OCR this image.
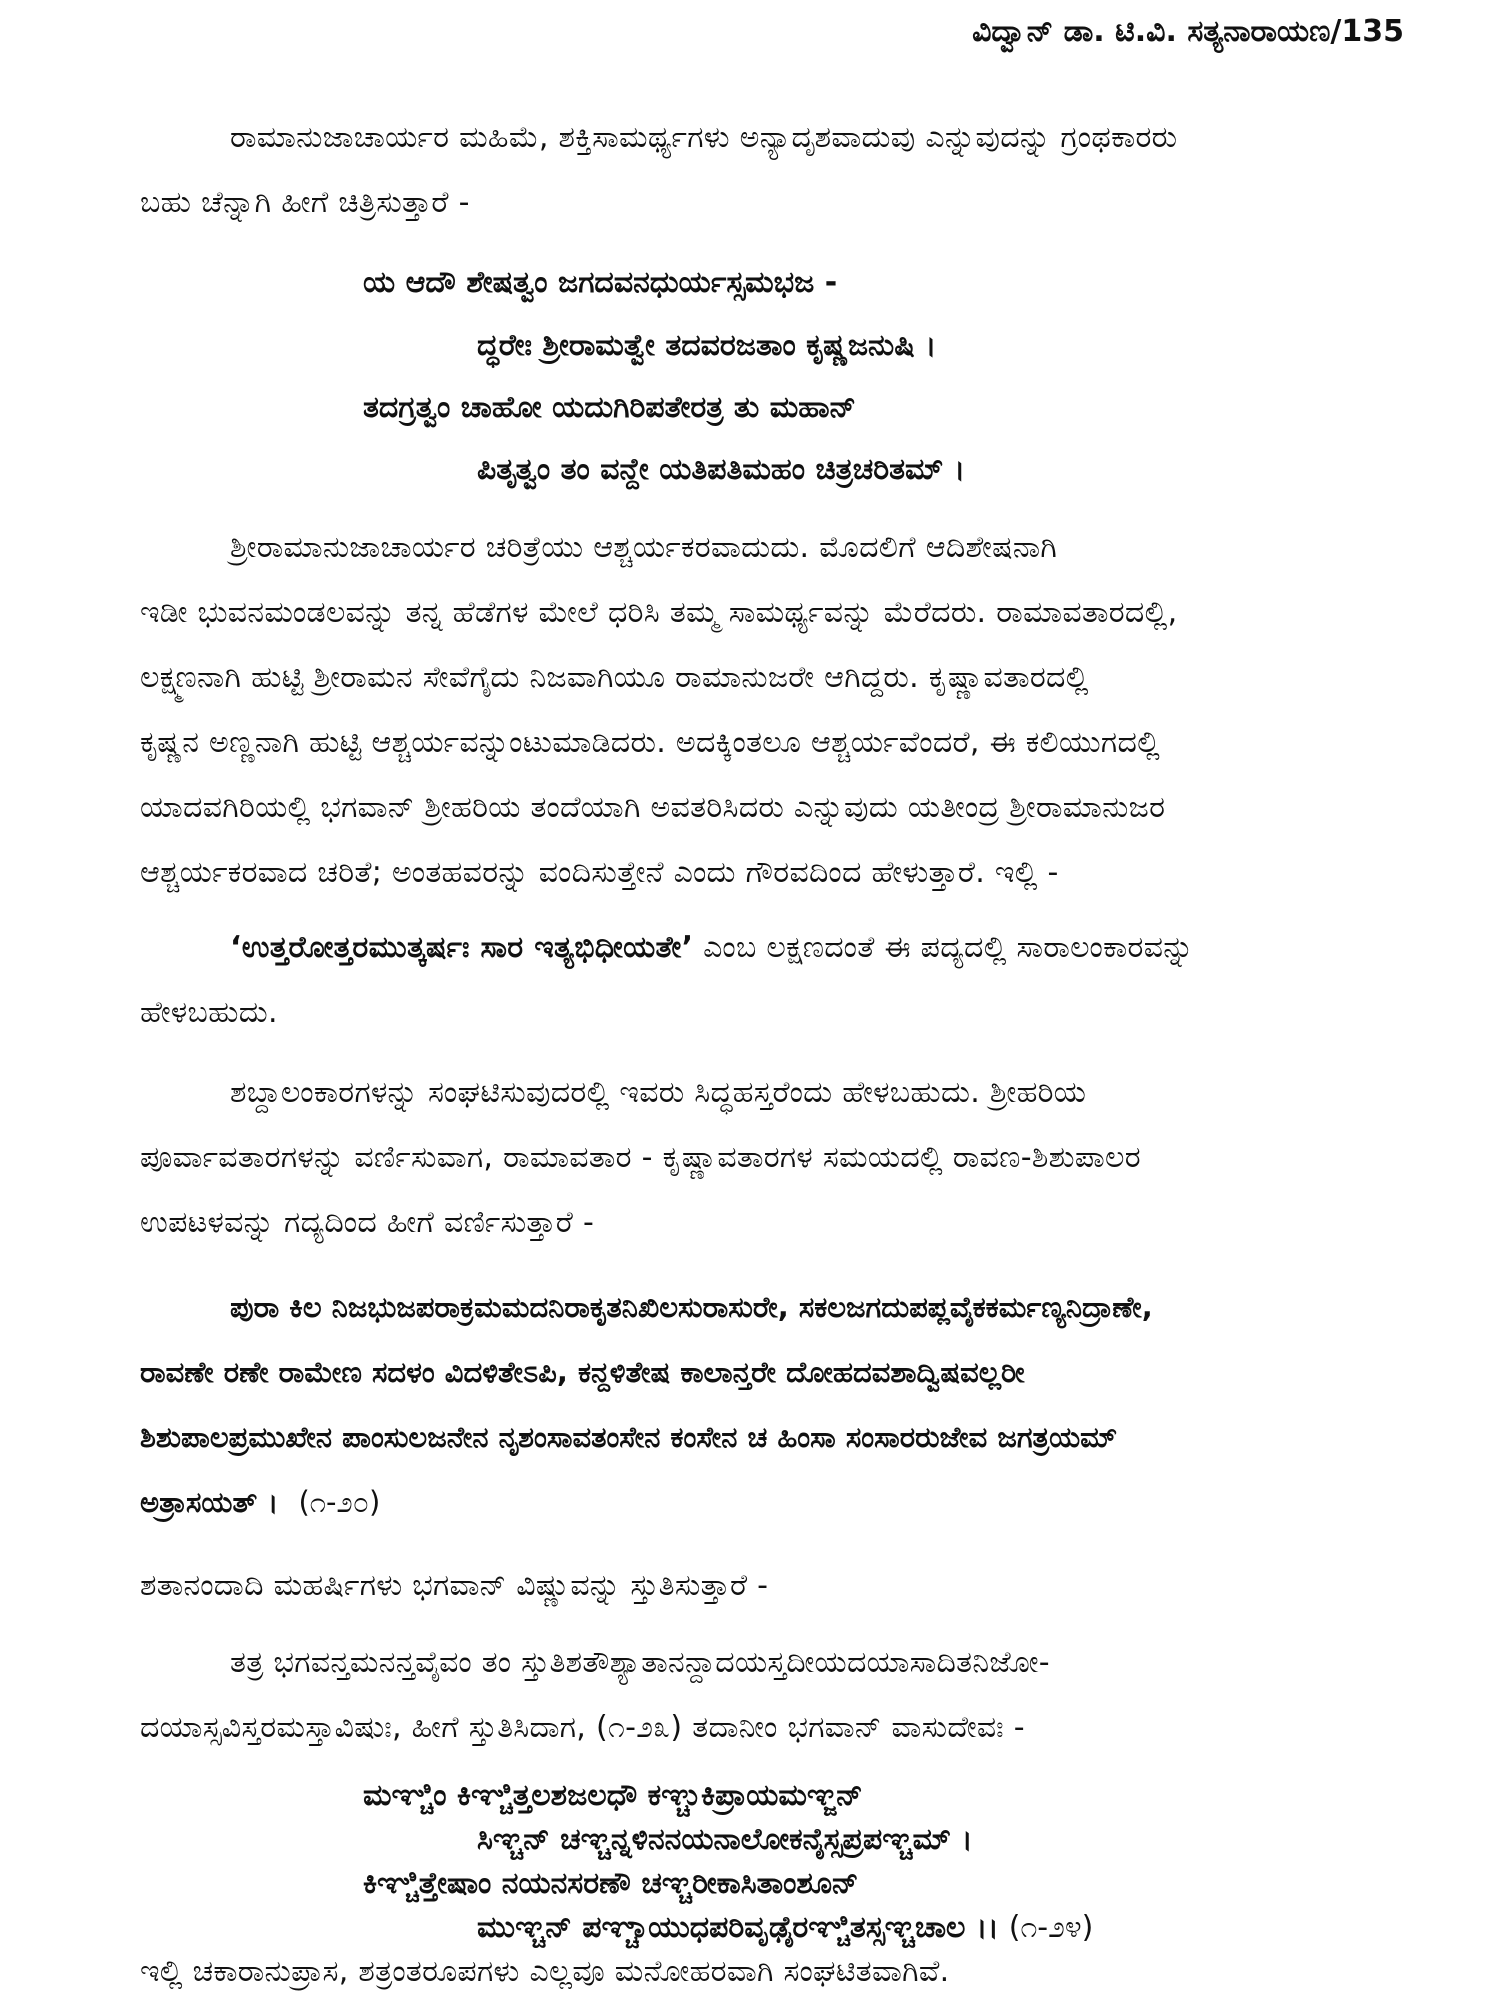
ವಿದ್ವಾನ್ ಡಾ. ಟಿ.ವಿ. ಸತ್ಯನಾರಾಯಣ/135
ರಾಮಾನುಜಾಚಾರ್ಯರ ಮಹಿಮೆ, ಶಕ್ತಿಸಾಮರ್ಥ್ಯಗಳು ಅನ್ಯಾದೃಶವಾದುವು ಎನ್ನುವುದನ್ನು ಗ್ರಂಥಕಾರರು
ಬಹು ಚೆನ್ನಾಗಿ ಹೀಗೆ ಚಿತ್ರಿಸುತ್ತಾರೆ -
ಯ ಆದೌ ಶೇಷತ್ವಂ ಜಗದವನಧುರ್ಯಸ್ಸಮಭಜ -
ದ್ಧರೇಃ ಶ್ರೀರಾಮತ್ವೇ ತದವರಜತಾಂ ಕೃಷ್ಣಜನುಷಿ ।
ತದಗ್ರತ್ವಂ ಚಾಹೋ ಯದುಗಿರಿಪತೇರತ್ರ ತು ಮಹಾನ್
ಪಿತೃತ್ವಂ ತಂ ವನ್ದೇ ಯತಿಪತಿಮಹಂ ಚಿತ್ರಚರಿತಮ್ ।
ಶ್ರೀರಾಮಾನುಜಾಚಾರ್ಯರ ಚರಿತ್ರೆಯು ಆಶ್ಚರ್ಯಕರವಾದುದು. ಮೊದಲಿಗೆ ಆದಿಶೇಷನಾಗಿ
ಇಡೀ ಭುವನಮಂಡಲವನ್ನು ತನ್ನ ಹೆಡೆಗಳ ಮೇಲೆ ಧರಿಸಿ ತಮ್ಮ ಸಾಮರ್ಥ್ಯವನ್ನು ಮೆರೆದರು. ರಾಮಾವತಾರದಲ್ಲಿ,
ಲಕ್ಷ್ಮಣನಾಗಿ ಹುಟ್ಟಿ ಶ್ರೀರಾಮನ ಸೇವೆಗೈದು ನಿಜವಾಗಿಯೂ ರಾಮಾನುಜರೇ ಆಗಿದ್ದರು. ಕೃಷ್ಣಾವತಾರದಲ್ಲಿ
ಕೃಷ್ಣನ ಅಣ್ಣನಾಗಿ ಹುಟ್ಟಿ ಆಶ್ಚರ್ಯವನ್ನುಂಟುಮಾಡಿದರು. ಅದಕ್ಕಿಂತಲೂ ಆಶ್ಚರ್ಯವೆಂದರೆ, ಈ ಕಲಿಯುಗದಲ್ಲಿ
ಯಾದವಗಿರಿಯಲ್ಲಿ ಭಗವಾನ್ ಶ್ರೀಹರಿಯ ತಂದೆಯಾಗಿ ಅವತರಿಸಿದರು ಎನ್ನುವುದು ಯತೀಂದ್ರ ಶ್ರೀರಾಮಾನುಜರ
ಆಶ್ಚರ್ಯಕರವಾದ ಚರಿತೆ; ಅಂತಹವರನ್ನು ವಂದಿಸುತ್ತೇನೆ ಎಂದು ಗೌರವದಿಂದ ಹೇಳುತ್ತಾರೆ. ಇಲ್ಲಿ -
‘ಉತ್ತರೋತ್ತರಮುತ್ಕರ್ಷಃ ಸಾರ ಇತ್ಯಭಿಧೀಯತೇ’ ಎಂಬ ಲಕ್ಷಣದಂತೆ ಈ ಪದ್ಯದಲ್ಲಿ ಸಾರಾಲಂಕಾರವನ್ನು
ಹೇಳಬಹುದು.
ಶಬ್ದಾಲಂಕಾರಗಳನ್ನು ಸಂಘಟಿಸುವುದರಲ್ಲಿ ಇವರು ಸಿದ್ಧಹಸ್ತರೆಂದು ಹೇಳಬಹುದು. ಶ್ರೀಹರಿಯ
ಪೂರ್ವಾವತಾರಗಳನ್ನು ವರ್ಣಿಸುವಾಗ, ರಾಮಾವತಾರ - ಕೃಷ್ಣಾವತಾರಗಳ ಸಮಯದಲ್ಲಿ ರಾವಣ-ಶಿಶುಪಾಲರ
ಉಪಟಳವನ್ನು ಗದ್ಯದಿಂದ ಹೀಗೆ ವರ್ಣಿಸುತ್ತಾರೆ -
ಪುರಾ ಕಿಲ ನಿಜಭುಜಪರಾಕ್ರಮಮದನಿರಾಕೃತನಿಖಿಲಸುರಾಸುರೇ, ಸಕಲಜಗದುಪಪ್ಲವೈಕಕರ್ಮಣ್ಯನಿದ್ರಾಣೇ,
ರಾವಣೇ ರಣೇ ರಾಮೇಣ ಸದಳಂ ವಿದಳಿತೇಽಪಿ, ಕನ್ದಳಿತೇಷ ಕಾಲಾನ್ತರೇ ದೋಹದವಶಾದ್ವಿಷವಲ್ಲರೀ
ಶಿಶುಪಾಲಪ್ರಮುಖೇನ ಪಾಂಸುಲಜನೇನ ನೃಶಂಸಾವತಂಸೇನ ಕಂಸೇನ ಚ ಹಿಂಸಾ ಸಂಸಾರರುಜೇವ ಜಗತ್ರಯಮ್
ಅತ್ರಾಸಯತ್ । (೧-೨೦)
ಶತಾನಂದಾದಿ ಮಹರ್ಷಿಗಳು ಭಗವಾನ್ ವಿಷ್ಣುವನ್ನು ಸ್ತುತಿಸುತ್ತಾರೆ -
ತತ್ರ ಭಗವನ್ತಮನನ್ತವೈವಂ ತಂ ಸ್ತುತಿಶತೌಶ್ಯಾತಾನನ್ದಾದಯಸ್ತದೀಯದಯಾಸಾದಿತನಿಜೋ-
ದಯಾಸ್ಸವಿಸ್ತರಮಸ್ತಾವಿಷುಃ, ಹೀಗೆ ಸ್ತುತಿಸಿದಾಗ, (೧-೨೩) ತದಾನೀಂ ಭಗವಾನ್ ವಾಸುದೇವಃ -
ಮಞ್ಚಿಂ ಕಿಞ್ಚಿತ್ತಲಶಜಲಧೌ ಕಞ್ಚುಕಿಪ್ರಾಯಮಞ್ಜನ್
ಸಿಞ್ಚನ್ ಚಞ್ಚನ್ನಳಿನನಯನಾಲೋಕನೈಸ್ಸಪ್ರಪಞ್ಚಮ್ ।
ಕಿಞ್ಚಿತ್ತೇಷಾಂ ನಯನಸರಣೌ ಚಞ್ಚರೀಕಾಸಿತಾಂಶೂನ್
ಮುಞ್ಚನ್ ಪಞ್ಚಾಯುಧಪರಿವೃಢೈರಞ್ಚಿತಸ್ಸಞ್ಚಚಾಲ ।। (೧-೨೪)
ಇಲ್ಲಿ ಚಕಾರಾನುಪ್ರಾಸ, ಶತ್ರಂತರೂಪಗಳು ಎಲ್ಲವೂ ಮನೋಹರವಾಗಿ ಸಂಘಟಿತವಾಗಿವೆ.
